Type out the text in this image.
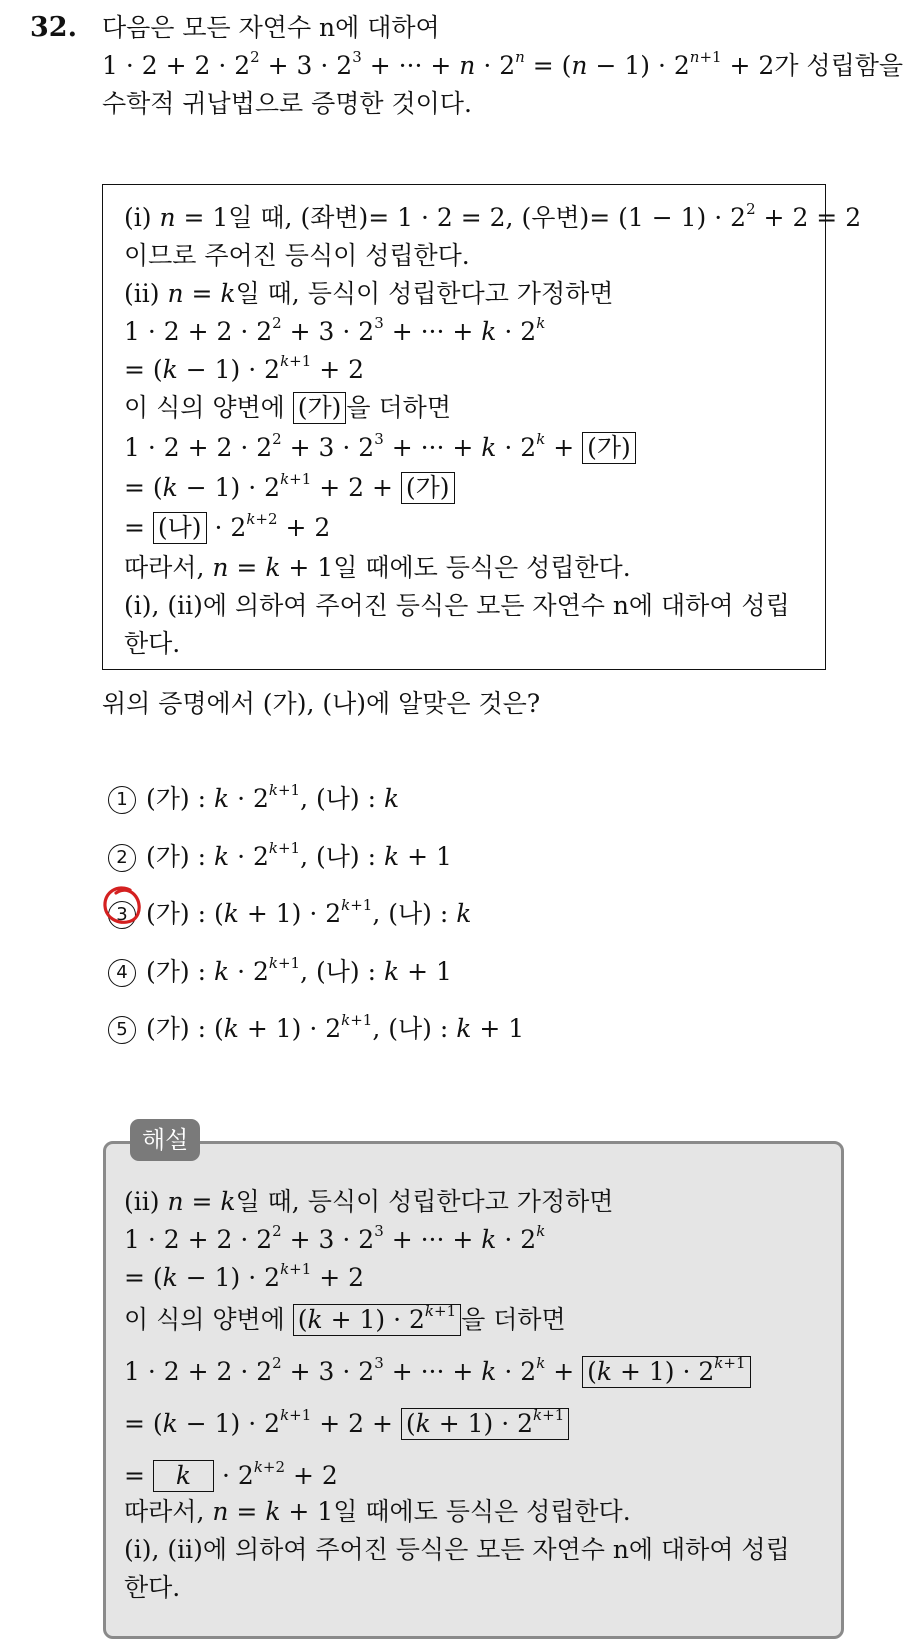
32. 다음은 모든 자연수 n에 대하여
$1 \cdot 2 + 2 \cdot 2^2 + 3 \cdot 2^3$ + ··· + $n \cdot 2^n = (n - 1) \cdot 2^{n+1} + 2$가 성립함을
수학적 귀납법으로 증명한 것이다.
(i) n = 1일 때, (좌변)= 1 · 2 = 2, (우변)= $(1 - 1) \cdot 2^2 + 2 = 2$
이므로 주어진 등식이 성립한다.
(ii) n = k일 때, 등식이 성립한다고 가정하면
$1 \cdot 2 + 2 \cdot 2^2 + 3 \cdot 2^3$ + ··· + $k \cdot 2^k$
= $(k - 1) \cdot 2^{k+1} + 2$
이 식의 양변에 (가) 을 더하면
$1 \cdot 2 + 2 \cdot 2^2 + 3 \cdot 2^3$ + ··· + $k \cdot 2^k$ + (가)
= $(k - 1) \cdot 2^{k+1} + 2$ + (가)
= (나) · $2^{k+2} + 2$
따라서, n = k + 1일 때에도 등식은 성립한다.
(i), (ii)에 의하여 주어진 등식은 모든 자연수 n에 대하여 성립
한다.
위의 증명에서 (가), (나)에 알맞은 것은?
1 (가) : $k \cdot 2^{k+1}$, (나) : k
2 (가) : $k \cdot 2^{k+1}$, (나) : k + 1
3 (가) : $(k + 1) \cdot 2^{k+1}$, (나) : k
4 (가) : $k \cdot 2^{k+1}$, (나) : k + 1
5 (가) : $(k + 1) \cdot 2^{k+1}$, (나) : k + 1
해설
(ii) n = k일 때, 등식이 성립한다고 가정하면
$1 \cdot 2 + 2 \cdot 2^2 + 3 \cdot 2^3$ + ··· + $k \cdot 2^k$
= $(k - 1) \cdot 2^{k+1} + 2$
이 식의 양변에 $(k + 1) \cdot 2^{k+1}$ 을 더하면
$1 \cdot 2 + 2 \cdot 2^2 + 3 \cdot 2^3$ + ··· + $k \cdot 2^k + (k + 1) \cdot 2^{k+1}$
= $(k - 1) \cdot 2^{k+1} + 2 + (k + 1) \cdot 2^{k+1}$
= $k \cdot 2^{k+2} + 2$
따라서, n = k + 1일 때에도 등식은 성립한다.
(i), (ii)에 의하여 주어진 등식은 모든 자연수 n에 대하여 성립
한다.
